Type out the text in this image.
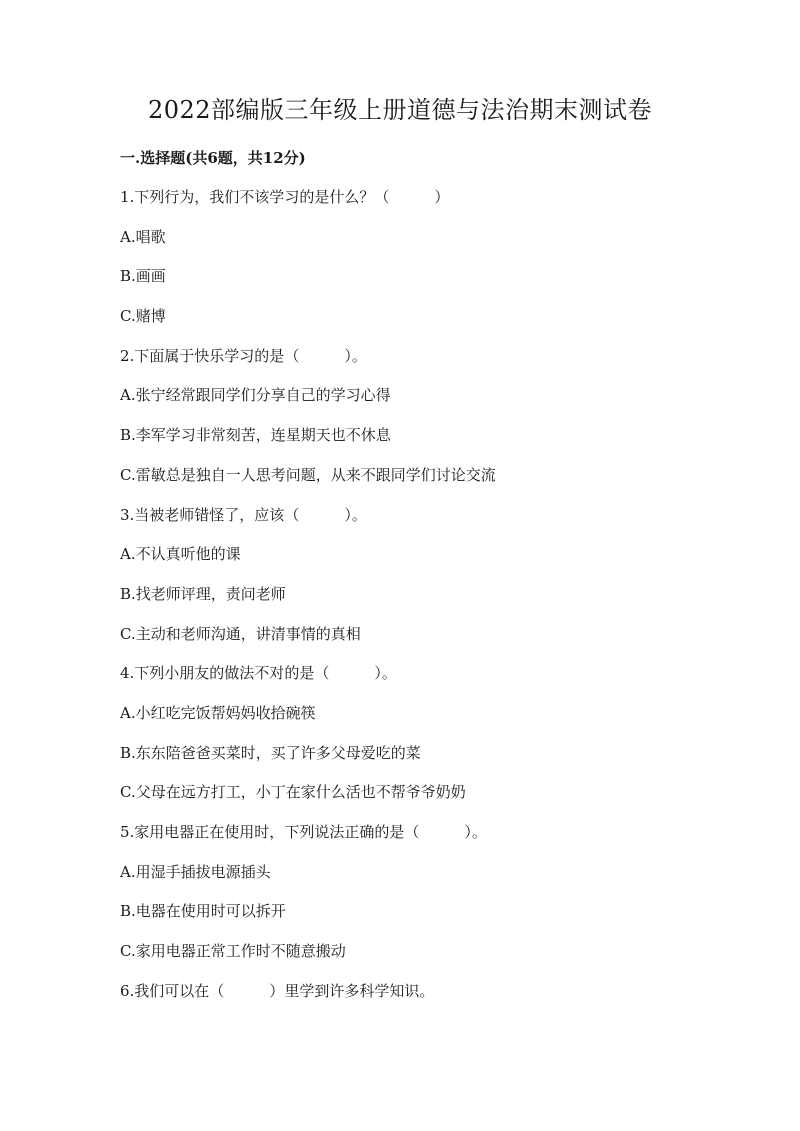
2022部编版三年级上册道德与法治期末测试卷
一.选择题(共6题，共12分)
1.下列行为，我们不该学习的是什么？（　　　）
A.唱歌
B.画画
C.赌博
2.下面属于快乐学习的是（　　　）。
A.张宁经常跟同学们分享自己的学习心得
B.李军学习非常刻苦，连星期天也不休息
C.雷敏总是独自一人思考问题，从来不跟同学们讨论交流
3.当被老师错怪了，应该（　　　）。
A.不认真听他的课
B.找老师评理，责问老师
C.主动和老师沟通，讲清事情的真相
4.下列小朋友的做法不对的是（　　　）。
A.小红吃完饭帮妈妈收拾碗筷
B.东东陪爸爸买菜时，买了许多父母爱吃的菜
C.父母在远方打工，小丁在家什么活也不帮爷爷奶奶
5.家用电器正在使用时，下列说法正确的是（　　　）。
A.用湿手插拔电源插头
B.电器在使用时可以拆开
C.家用电器正常工作时不随意搬动
6.我们可以在（　　　）里学到许多科学知识。
